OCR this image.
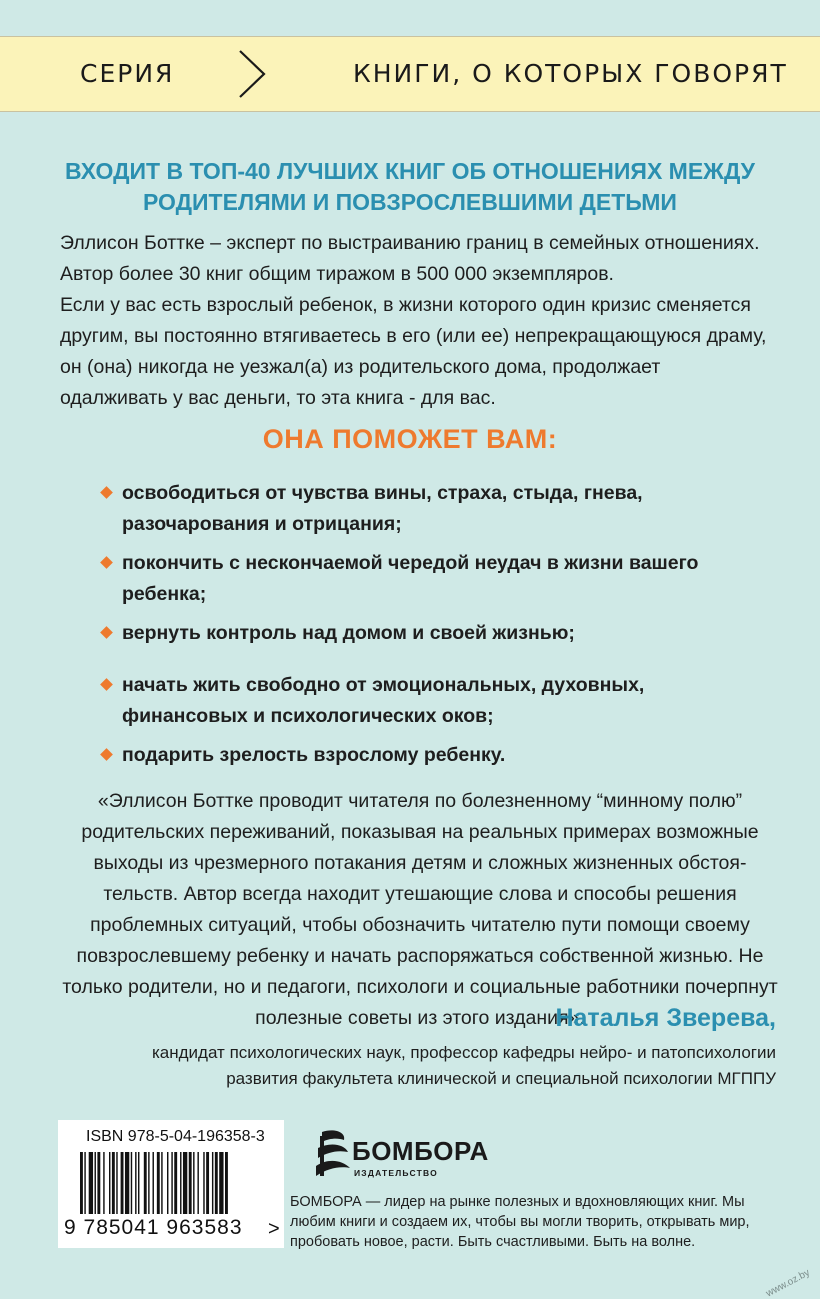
СЕРИЯ	КНИГИ, О КОТОРЫХ ГОВОРЯТ
ВХОДИТ В ТОП-40 ЛУЧШИХ КНИГ ОБ ОТНОШЕНИЯХ МЕЖДУ
РОДИТЕЛЯМИ И ПОВЗРОСЛЕВШИМИ ДЕТЬМИ
Эллисон Боттке – эксперт по выстраиванию границ в семейных отношениях. Автор более 30 книг общим тиражом в 500 000 экземпляров.
Если у вас есть взрослый ребенок, в жизни которого один кризис сменяется другим, вы постоянно втягиваетесь в его (или ее) непрекращающуюся драму, он (она) никогда не уезжал(а) из родительского дома, продолжает одалживать у вас деньги, то эта книга - для вас.
ОНА ПОМОЖЕТ ВАМ:
освободиться от чувства вины, страха, стыда, гнева, разочарования и отрицания;
покончить с нескончаемой чередой неудач в жизни вашего ребенка;
вернуть контроль над домом и своей жизнью;
начать жить свободно от эмоциональных, духовных, финансовых и психологических оков;
подарить зрелость взрослому ребенку.
«Эллисон Боттке проводит читателя по болезненному “минному полю” родительских переживаний, показывая на реальных примерах возможные выходы из чрезмерного потакания детям и сложных жизненных обстоя-тельств. Автор всегда находит утешающие слова и способы решения проблемных ситуаций, чтобы обозначить читателю пути помощи своему повзрослевшему ребенку и начать распоряжаться собственной жизнью. Не только родители, но и педагоги, психологи и социальные работники почерпнут полезные советы из этого издания».
Наталья Зверева,
кандидат психологических наук, профессор кафедры нейро- и патопсихологии
развития факультета клинической и специальной психологии МГППУ
ISBN 978-5-04-196358-3
9 785041 963583 >
БОМБОРА
ИЗДАТЕЛЬСТВО
БОМБОРА — лидер на рынке полезных и вдохновляющих книг. Мы любим книги и создаем их, чтобы вы могли творить, открывать мир, пробовать новое, расти. Быть счастливыми. Быть на волне.
www.oz.by
